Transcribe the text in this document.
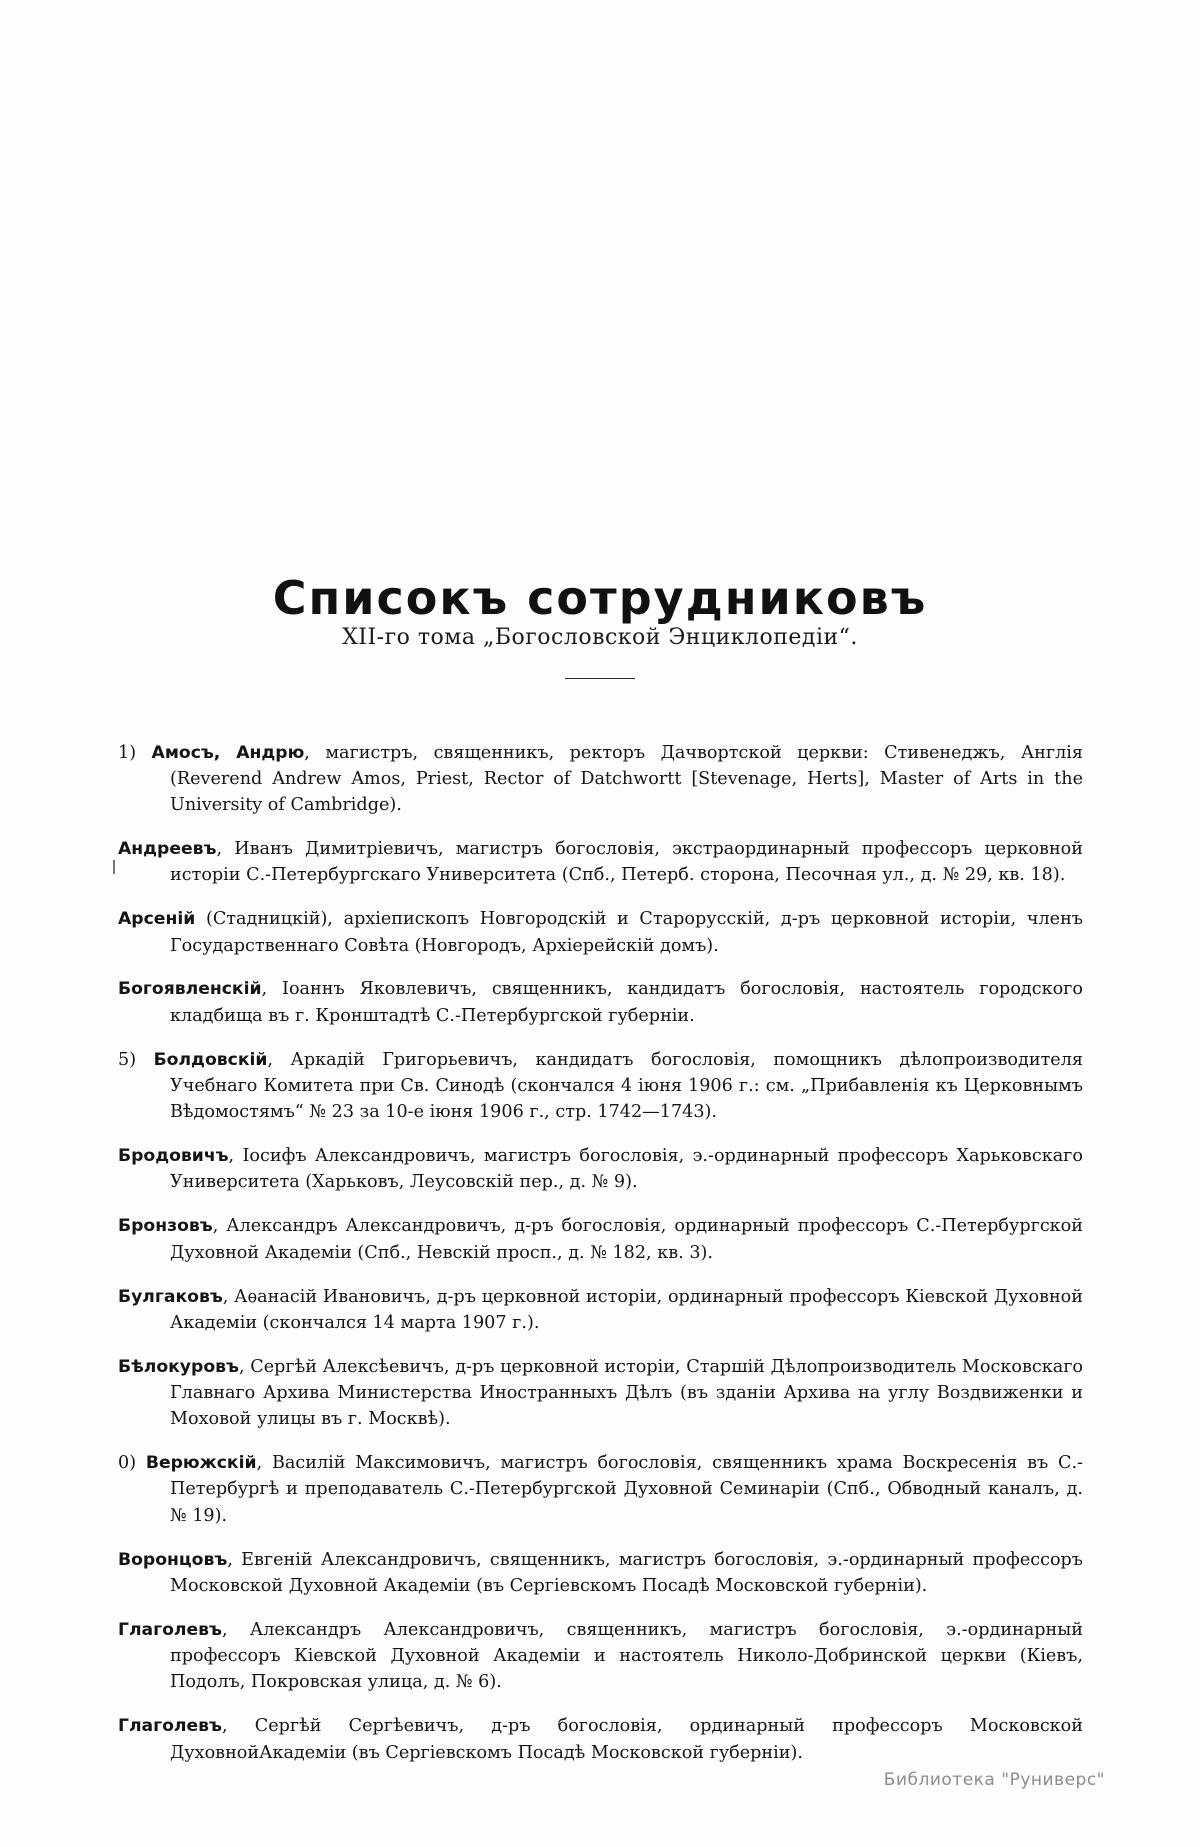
Списокъ сотрудниковъ
XII-го тома „Богословской Энциклопедіи“.

1) Амосъ, Андрю, магистръ, священникъ, ректоръ Дачвортской церкви: Стивенеджъ, Англія (Reverend Andrew Amos, Priest, Rector of Datchwortt [Stevenage, Herts], Master of Arts in the University of Cambridge).

Андреевъ, Иванъ Димитріевичъ, магистръ богословія, экстраординарный профессоръ церковной исторіи С.-Петербургскаго Университета (Спб., Петерб. сторона, Песочная ул., д. № 29, кв. 18).

Арсеній (Стадницкій), архіепископъ Новгородскій и Старорусскій, д-ръ церковной исторіи, членъ Государственнаго Совѣта (Новгородъ, Архіерейскій домъ).

Богоявленскій, Іоаннъ Яковлевичъ, священникъ, кандидатъ богословія, настоятель городского кладбища въ г. Кронштадтѣ С.-Петербургской губерніи.

5) Болдовскій, Аркадій Григорьевичъ, кандидатъ богословія, помощникъ дѣлопроизводителя Учебнаго Комитета при Св. Синодѣ (скончался 4 іюня 1906 г.: см. „Прибавленія къ Церковнымъ Вѣдомостямъ“ № 23 за 10-е іюня 1906 г., стр. 1742—1743).

Бродовичъ, Іосифъ Александровичъ, магистръ богословія, э.-ординарный профессоръ Харьковскаго Университета (Харьковъ, Леусовскій пер., д. № 9).

Бронзовъ, Александръ Александровичъ, д-ръ богословія, ординарный профессоръ С.-Петербургской Духовной Академіи (Спб., Невскій просп., д. № 182, кв. 3).

Булгаковъ, Аѳанасій Ивановичъ, д-ръ церковной исторіи, ординарный профессоръ Кіевской Духовной Академіи (скончался 14 марта 1907 г.).

Бѣлокуровъ, Сергѣй Алексѣевичъ, д-ръ церковной исторіи, Старшій Дѣлопроизводитель Московскаго Главнаго Архива Министерства Иностранныхъ Дѣлъ (въ зданіи Архива на углу Воздвиженки и Моховой улицы въ г. Москвѣ).

0) Верюжскій, Василій Максимовичъ, магистръ богословія, священникъ храма Воскресенія въ С.-Петербургѣ и преподаватель С.-Петербургской Духовной Семинаріи (Спб., Обводный каналъ, д. № 19).

Воронцовъ, Евгеній Александровичъ, священникъ, магистръ богословія, э.-ординарный профессоръ Московской Духовной Академіи (въ Сергіевскомъ Посадѣ Московской губерніи).

Глаголевъ, Александръ Александровичъ, священникъ, магистръ богословія, э.-ординарный профессоръ Кіевской Духовной Академіи и настоятель Николо-Добринской церкви (Кіевъ, Подолъ, Покровская улица, д. № 6).

Глаголевъ, Сергѣй Сергѣевичъ, д-ръ богословія, ординарный профессоръ Московской ДуховнойАкадеміи (въ Сергіевскомъ Посадѣ Московской губерніи).

Библиотека "Руниверс"
